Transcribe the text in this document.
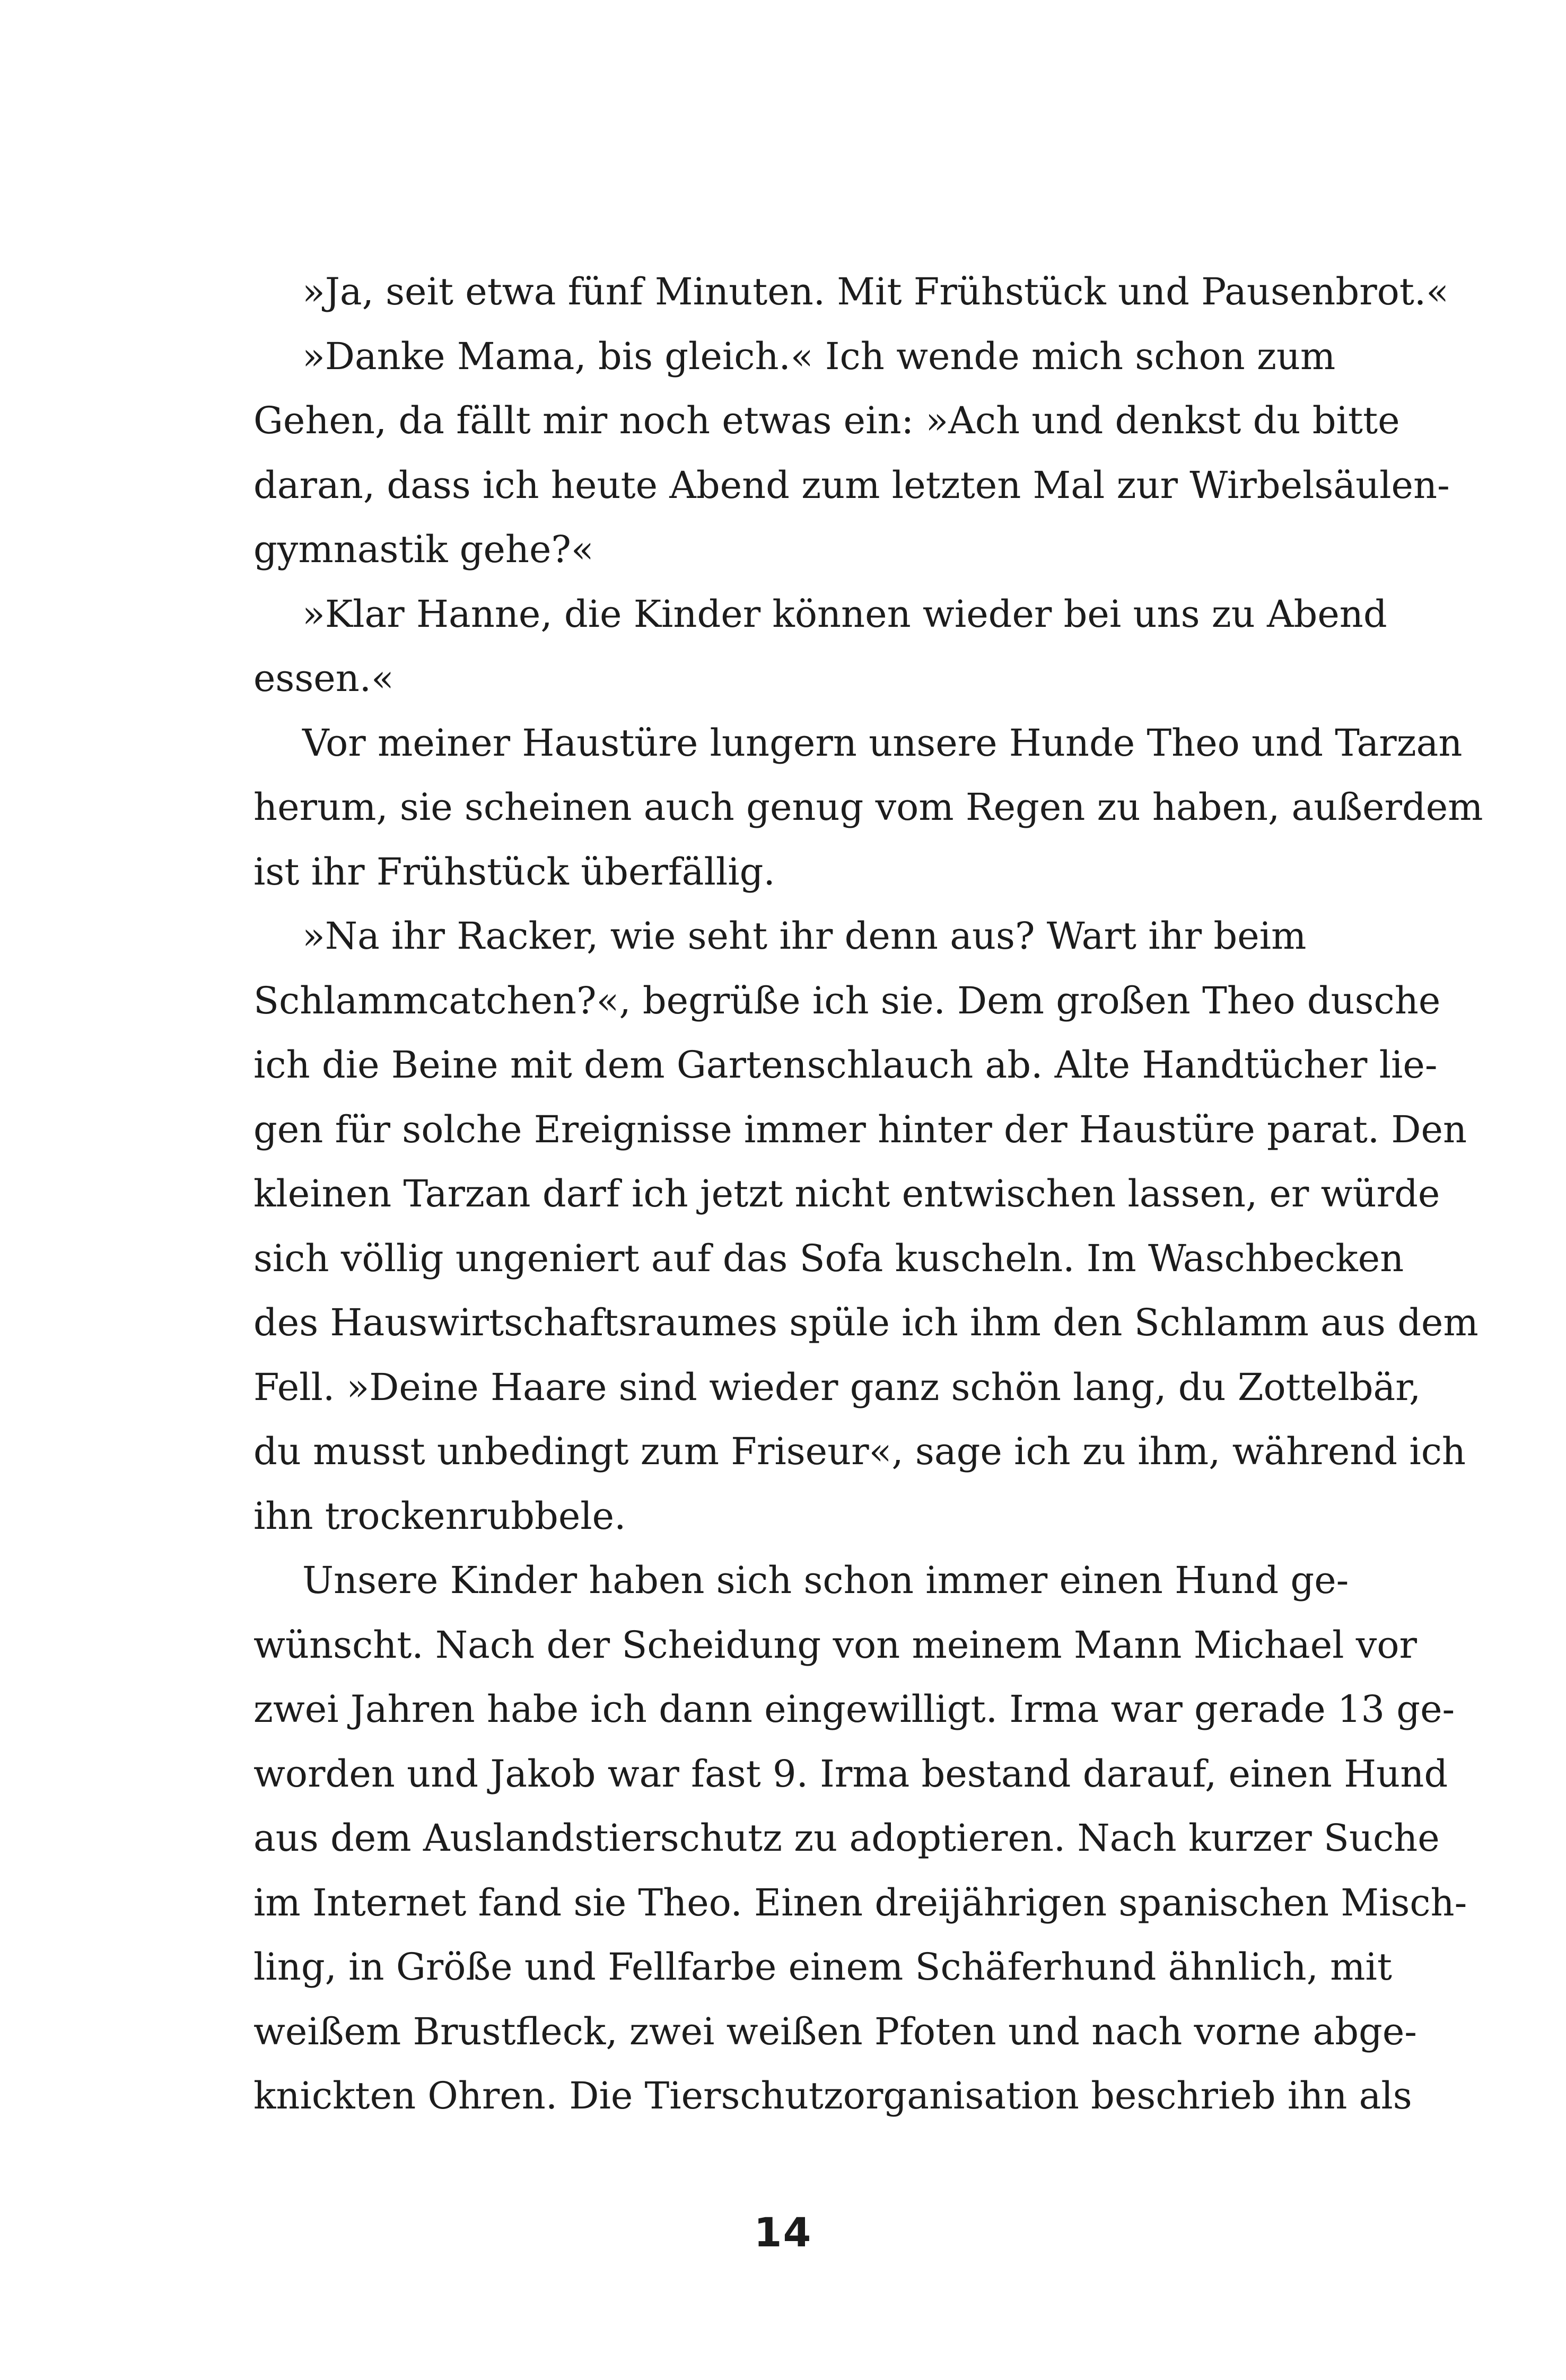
»Ja, seit etwa fünf Minuten. Mit Frühstück und Pausenbrot.«
»Danke Mama, bis gleich.« Ich wende mich schon zum
Gehen, da fällt mir noch etwas ein: »Ach und denkst du bitte
daran, dass ich heute Abend zum letzten Mal zur Wirbelsäulen-
gymnastik gehe?«
»Klar Hanne, die Kinder können wieder bei uns zu Abend
essen.«
Vor meiner Haustüre lungern unsere Hunde Theo und Tarzan
herum, sie scheinen auch genug vom Regen zu haben, außerdem
ist ihr Frühstück überfällig.
»Na ihr Racker, wie seht ihr denn aus? Wart ihr beim
Schlammcatchen?«, begrüße ich sie. Dem großen Theo dusche
ich die Beine mit dem Gartenschlauch ab. Alte Handtücher lie-
gen für solche Ereignisse immer hinter der Haustüre parat. Den
kleinen Tarzan darf ich jetzt nicht entwischen lassen, er würde
sich völlig ungeniert auf das Sofa kuscheln. Im Waschbecken
des Hauswirtschaftsraumes spüle ich ihm den Schlamm aus dem
Fell. »Deine Haare sind wieder ganz schön lang, du Zottelbär,
du musst unbedingt zum Friseur«, sage ich zu ihm, während ich
ihn trockenrubbele.
Unsere Kinder haben sich schon immer einen Hund ge-
wünscht. Nach der Scheidung von meinem Mann Michael vor
zwei Jahren habe ich dann eingewilligt. Irma war gerade 13 ge-
worden und Jakob war fast 9. Irma bestand darauf, einen Hund
aus dem Auslandstierschutz zu adoptieren. Nach kurzer Suche
im Internet fand sie Theo. Einen dreijährigen spanischen Misch-
ling, in Größe und Fellfarbe einem Schäferhund ähnlich, mit
weißem Brustfleck, zwei weißen Pfoten und nach vorne abge-
knickten Ohren. Die Tierschutzorganisation beschrieb ihn als
14
